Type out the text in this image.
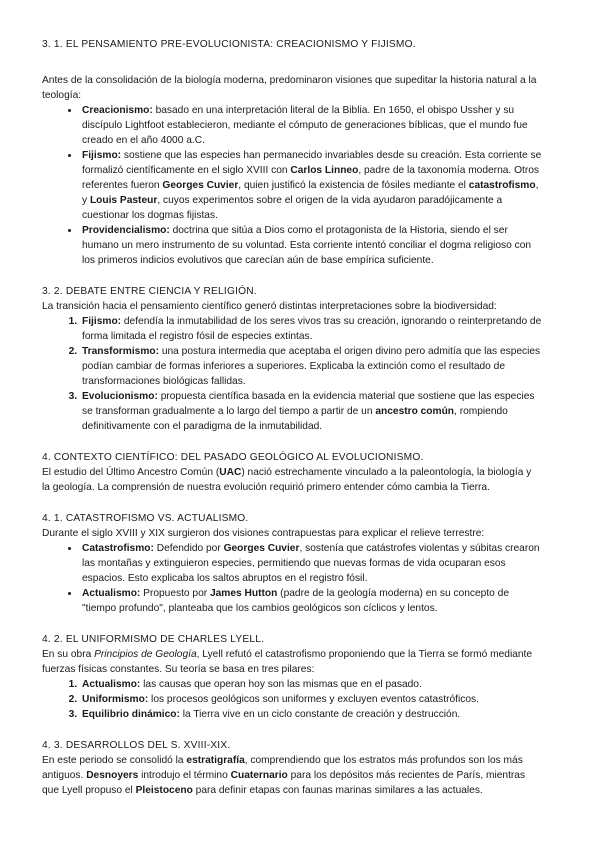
3. 1. EL PENSAMIENTO PRE-EVOLUCIONISTA: CREACIONISMO Y FIJISMO.

Antes de la consolidación de la biología moderna, predominaron visiones que supeditar la historia natural a la teología:

• Creacionismo: basado en una interpretación literal de la Biblia. En 1650, el obispo Ussher y su discípulo Lightfoot establecieron, mediante el cómputo de generaciones bíblicas, que el mundo fue creado en el año 4000 a.C.
• Fijismo: sostiene que las especies han permanecido invariables desde su creación. Esta corriente se formalizó científicamente en el siglo XVIII con Carlos Linneo, padre de la taxonomía moderna. Otros referentes fueron Georges Cuvier, quien justificó la existencia de fósiles mediante el catastrofismo, y Louis Pasteur, cuyos experimentos sobre el origen de la vida ayudaron paradójicamente a cuestionar los dogmas fijistas.
• Providencialismo: doctrina que sitúa a Dios como el protagonista de la Historia, siendo el ser humano un mero instrumento de su voluntad. Esta corriente intentó conciliar el dogma religioso con los primeros indicios evolutivos que carecían aún de base empírica suficiente.
3. 2. DEBATE ENTRE CIENCIA Y RELIGIÓN.

La transición hacia el pensamiento científico generó distintas interpretaciones sobre la biodiversidad:

1. Fijismo: defendía la inmutabilidad de los seres vivos tras su creación, ignorando o reinterpretando de forma limitada el registro fósil de especies extintas.
2. Transformismo: una postura intermedia que aceptaba el origen divino pero admitía que las especies podían cambiar de formas inferiores a superiores. Explicaba la extinción como el resultado de transformaciones biológicas fallidas.
3. Evolucionismo: propuesta científica basada en la evidencia material que sostiene que las especies se transforman gradualmente a lo largo del tiempo a partir de un ancestro común, rompiendo definitivamente con el paradigma de la inmutabilidad.
4. CONTEXTO CIENTÍFICO: DEL PASADO GEOLÓGICO AL EVOLUCIONISMO.

El estudio del Último Ancestro Común (UAC) nació estrechamente vinculado a la paleontología, la biología y la geología. La comprensión de nuestra evolución requirió primero entender cómo cambia la Tierra.

4. 1. CATASTROFISMO VS. ACTUALISMO.

Durante el siglo XVIII y XIX surgieron dos visiones contrapuestas para explicar el relieve terrestre:

• Catastrofismo: Defendido por Georges Cuvier, sostenía que catástrofes violentas y súbitas crearon las montañas y extinguieron especies, permitiendo que nuevas formas de vida ocuparan esos espacios. Esto explicaba los saltos abruptos en el registro fósil.
• Actualismo: Propuesto por James Hutton (padre de la geología moderna) en su concepto de "tiempo profundo", planteaba que los cambios geológicos son cíclicos y lentos.
4. 2. EL UNIFORMISMO DE CHARLES LYELL.

En su obra Principios de Geología, Lyell refutó el catastrofismo proponiendo que la Tierra se formó mediante fuerzas físicas constantes. Su teoría se basa en tres pilares:

1. Actualismo: las causas que operan hoy son las mismas que en el pasado.
2. Uniformismo: los procesos geológicos son uniformes y excluyen eventos catastróficos.
3. Equilibrio dinámico: la Tierra vive en un ciclo constante de creación y destrucción.
4. 3. DESARROLLOS DEL S. XVIII-XIX.

En este periodo se consolidó la estratigrafía, comprendiendo que los estratos más profundos son los más antiguos. Desnoyers introdujo el término Cuaternario para los depósitos más recientes de París, mientras que Lyell propuso el Pleistoceno para definir etapas con faunas marinas similares a las actuales.
